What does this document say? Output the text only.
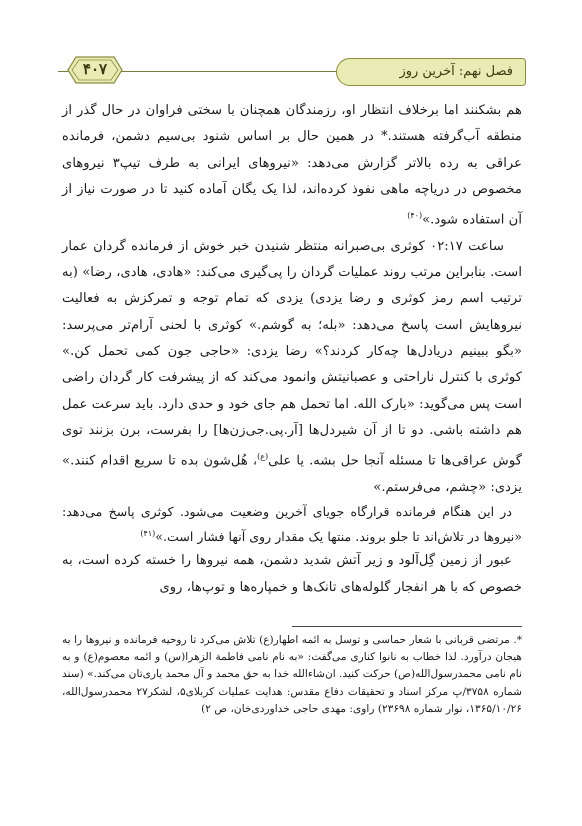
فصل نهم: آخرین روز
۴۰۷

هم بشکنند اما برخلاف انتظار او، رزمندگان همچنان با سختی فراوان در حال گذر از منطقه آب‌گرفته هستند.* در همین حال بر اساس شنود بی‌سیم دشمن، فرمانده عراقی به رده بالاتر گزارش می‌دهد: «نیروهای ایرانی به طرف تیپ۳ نیروهای مخصوص در دریاچه ماهی نفوذ کرده‌اند، لذا یک یگان آماده کنید تا در صورت نیاز از آن استفاده شود.»$^{(۴۰)}$

ساعت ۰۲:۱۷ کوثری بی‌صبرانه منتظر شنیدن خبر خوش از فرمانده گردان عمار است. بنابراین مرتب روند عملیات گردان را پی‌گیری می‌کند: «هادی، هادی، رضا» (به ترتیب اسم رمز کوثری و رضا یزدی) یزدی که تمام توجه و تمرکزش به فعالیت نیروهایش است پاسخ می‌دهد: «بله؛ به گوشم.» کوثری با لحنی آرام‌تر می‌پرسد: «بگو ببینیم دریادل‌ها چه‌کار کردند؟» رضا یزدی: «حاجی جون کمی تحمل کن.» کوثری با کنترل ناراحتی و عصبانیتش وانمود می‌کند که از پیشرفت کار گردان راضی است پس می‌گوید: «بارک الله. اما تحمل هم جای خود و حدی دارد. باید سرعت عمل هم داشته باشی. دو تا از آن شیردل‌ها [آر.پی.جی‌زن‌ها] را بفرست، برن بزنند توی گوش عراقی‌ها تا مسئله آنجا حل بشه. یا علی$^{(ع)}$، هُل‌شون بده تا سریع اقدام کنند.» یزدی: «چشم، می‌فرستم.»

در این هنگام فرمانده قرارگاه جویای آخرین وضعیت می‌شود. کوثری پاسخ می‌دهد: «نیروها در تلاش‌اند تا جلو بروند. منتها یک مقدار روی آنها فشار است.»$^{(۴۱)}$

عبور از زمین گِل‌آلود و زیر آتش شدید دشمن، همه نیروها را خسته کرده است، به خصوص که با هر انفجار گلوله‌های تانک‌ها و خمپاره‌ها و توپ‌ها، روی

*. مرتضی قربانی با شعار حماسی و توسل به ائمه اطهار(ع) تلاش می‌کرد تا روحیه فرمانده و نیروها را به هیجان درآورد. لذا خطاب به نانوا کناری می‌گفت: «به نام نامی فاطمة الزهرا(س) و ائمه معصوم(ع) و به نام نامی محمدرسول‌الله(ص) حرکت کنید. ان‌شاءالله خدا به حق محمد و آل محمد یاری‌تان می‌کند.» (سند شماره ۳۷۵۸/پ مرکز اسناد و تحقیقات دفاع مقدس: هدایت عملیات کربلای۵، لشکر۲۷ محمدرسول‌الله، ۱۳۶۵/۱۰/۲۶، نوار شماره ۲۳۶۹۸) راوی: مهدی حاجی خداوردی‌خان، ص ۲)
